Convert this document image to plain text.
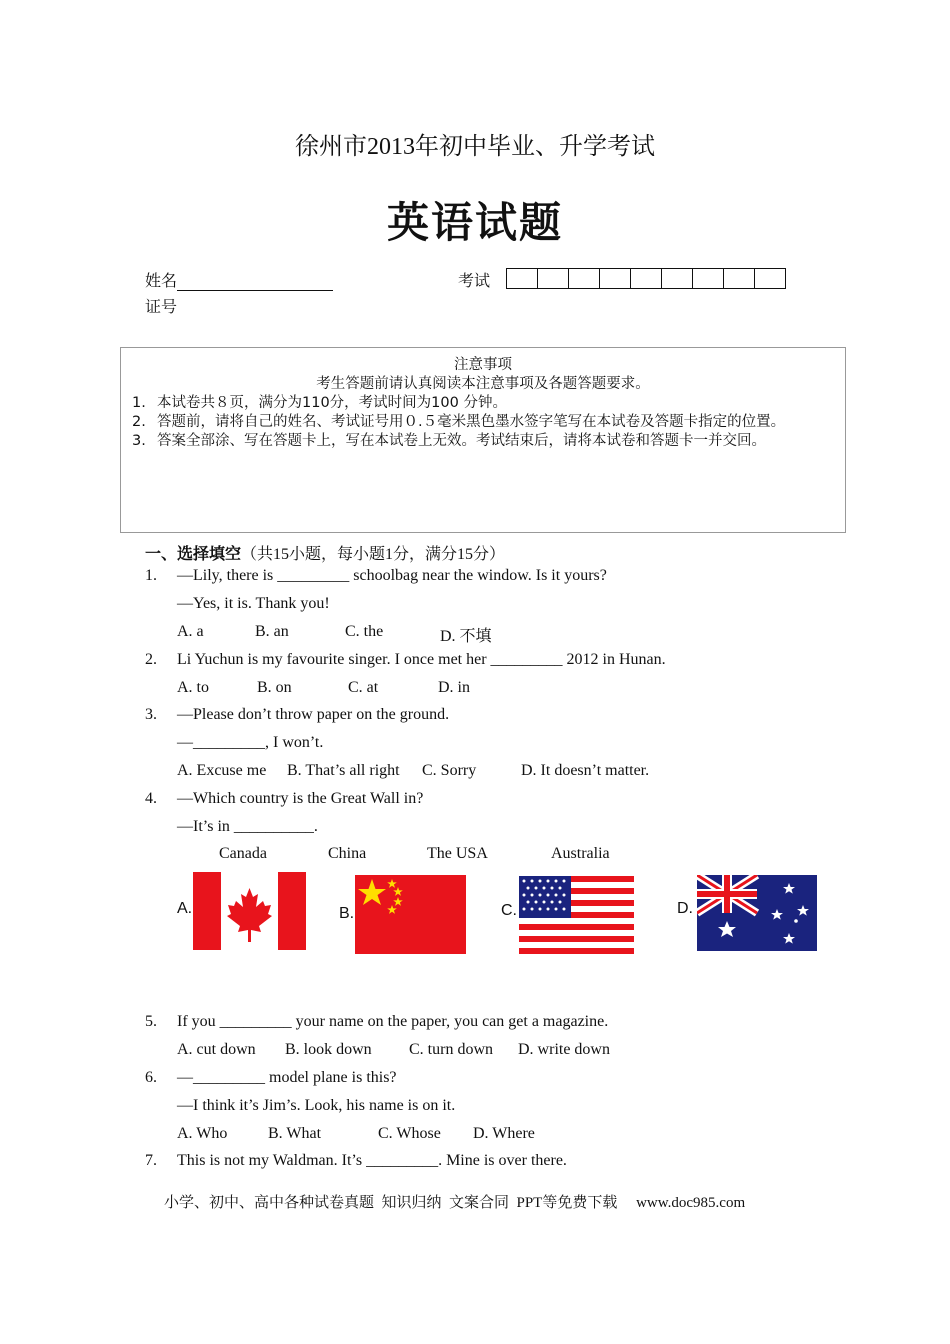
徐州市2013年初中毕业、升学考试
英语试题
姓名	考试
证号
注意事项
考生答题前请认真阅读本注意事项及各题答题要求。
1. 本试卷共８页，满分为110分，考试时间为100 分钟。
2. 答题前，请将自己的姓名、考试证号用０.５毫米黑色墨水签字笔写在本试卷及答题卡指定的位置。
3. 答案全部涂、写在答题卡上，写在本试卷上无效。考试结束后，请将本试卷和答题卡一并交回。
一、选择填空（共15小题，每小题1分，满分15分）
1. —Lily, there is _________ schoolbag near the window. Is it yours?
—Yes, it is. Thank you!
A. a	B. an	C. the	D. 不填
2. Li Yuchun is my favourite singer. I once met her _________ 2012 in Hunan.
A. to	B. on	C. at	D. in
3. —Please don’t throw paper on the ground.
—_________, I won’t.
A. Excuse me B. That’s all right C. Sorry	D. It doesn’t matter.
4. —Which country is the Great Wall in?
—It’s in __________.
Canada	China	The USA	Australia
A.	B.	C.	D.
5. If you _________ your name on the paper, you can get a magazine.
A. cut down B. look down C. turn down D. write down
6. —_________ model plane is this?
—I think it’s Jim’s. Look, his name is on it.
A. Who	B. What	C. Whose D. Where
7. This is not my Waldman. It’s _________. Mine is over there.
小学、初中、高中各种试卷真题  知识归纳  文案合同  PPT等免费下载     www.doc985.com
